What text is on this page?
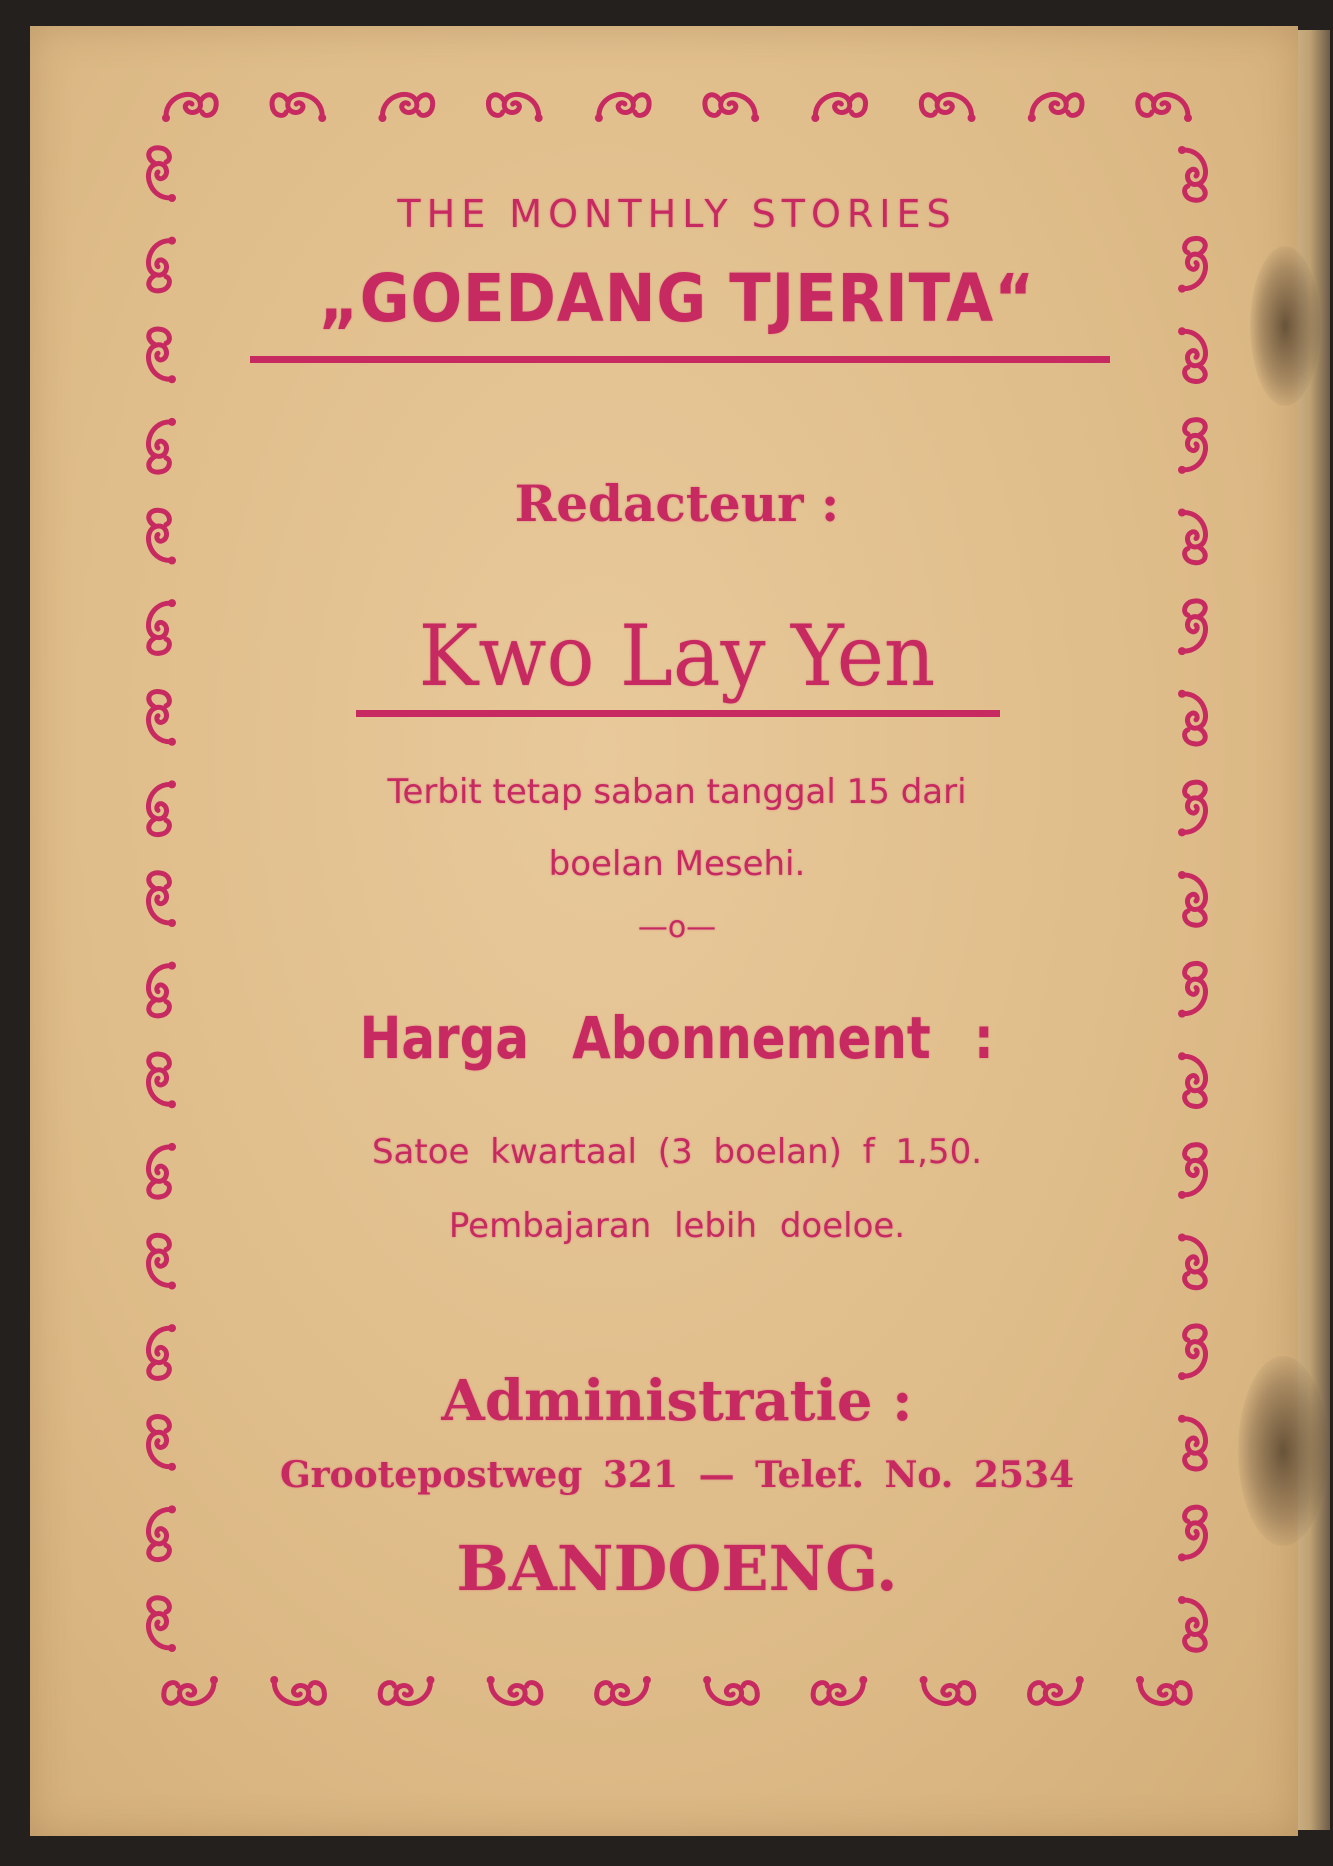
THE MONTHLY STORIES
„GOEDANG TJERITA“
Redacteur :
Kwo Lay Yen
Terbit tetap saban tanggal 15 dari
boelan Mesehi.
—o—
Harga Abonnement :
Satoe kwartaal (3 boelan) f 1,50.
Pembajaran lebih doeloe.
Administratie :
Grootepostweg 321 — Telef. No. 2534
BANDOENG.
